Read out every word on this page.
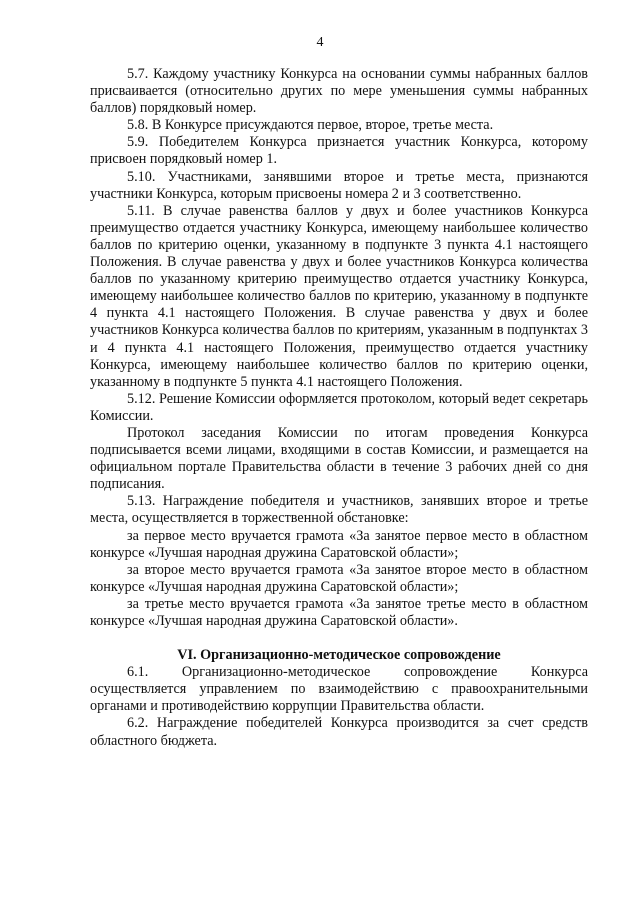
4

5.7. Каждому участнику Конкурса на основании суммы набранных баллов присваивается (относительно других по мере уменьшения суммы набранных баллов) порядковый номер.

5.8. В Конкурсе присуждаются первое, второе, третье места.

5.9. Победителем Конкурса признается участник Конкурса, которому присвоен порядковый номер 1.

5.10. Участниками, занявшими второе и третье места, признаются участники Конкурса, которым присвоены номера 2 и 3 соответственно.

5.11. В случае равенства баллов у двух и более участников Конкурса преимущество отдается участнику Конкурса, имеющему наибольшее количество баллов по критерию оценки, указанному в подпункте 3 пункта 4.1 настоящего Положения. В случае равенства у двух и более участников Конкурса количества баллов по указанному критерию преимущество отдается участнику Конкурса, имеющему наибольшее количество баллов по критерию, указанному в подпункте 4 пункта 4.1 настоящего Положения. В случае равенства у двух и более участников Конкурса количества баллов по критериям, указанным в подпунктах 3 и 4 пункта 4.1 настоящего Положения, преимущество отдается участнику Конкурса, имеющему наибольшее количество баллов по критерию оценки, указанному в подпункте 5 пункта 4.1 настоящего Положения.

5.12. Решение Комиссии оформляется протоколом, который ведет секретарь Комиссии.

Протокол заседания Комиссии по итогам проведения Конкурса подписывается всеми лицами, входящими в состав Комиссии, и размещается на официальном портале Правительства области в течение 3 рабочих дней со дня подписания.

5.13. Награждение победителя и участников, занявших второе и третье места, осуществляется в торжественной обстановке:

за первое место вручается грамота «За занятое первое место в областном конкурсе «Лучшая народная дружина Саратовской области»;

за второе место вручается грамота «За занятое второе место в областном конкурсе «Лучшая народная дружина Саратовской области»;

за третье место вручается грамота «За занятое третье место в областном конкурсе «Лучшая народная дружина Саратовской области».

VI. Организационно-методическое сопровождение

6.1. Организационно-методическое сопровождение Конкурса осуществляется управлением по взаимодействию с правоохранительными органами и противодействию коррупции Правительства области.

6.2. Награждение победителей Конкурса производится за счет средств областного бюджета.
